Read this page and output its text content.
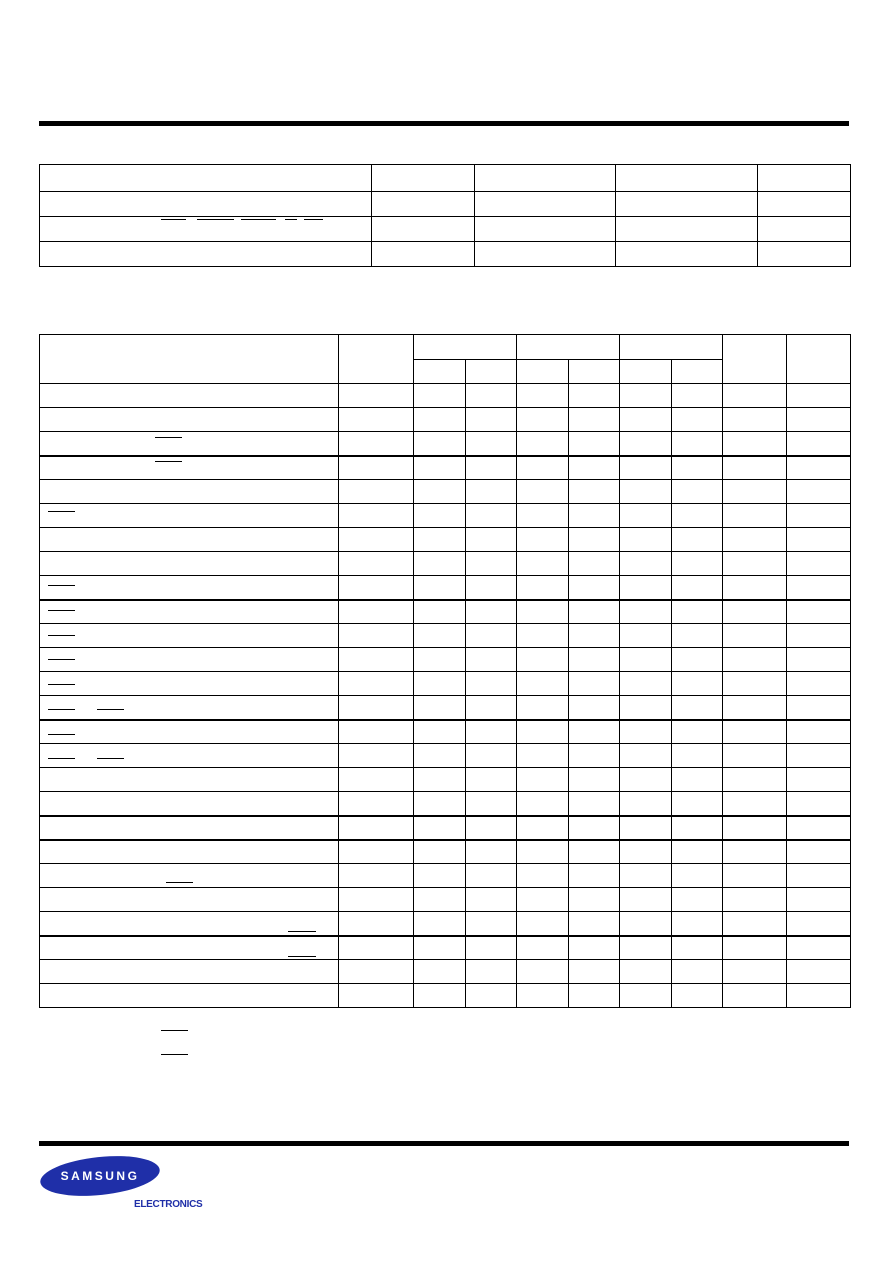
SAMSUNG
ELECTRONICS
